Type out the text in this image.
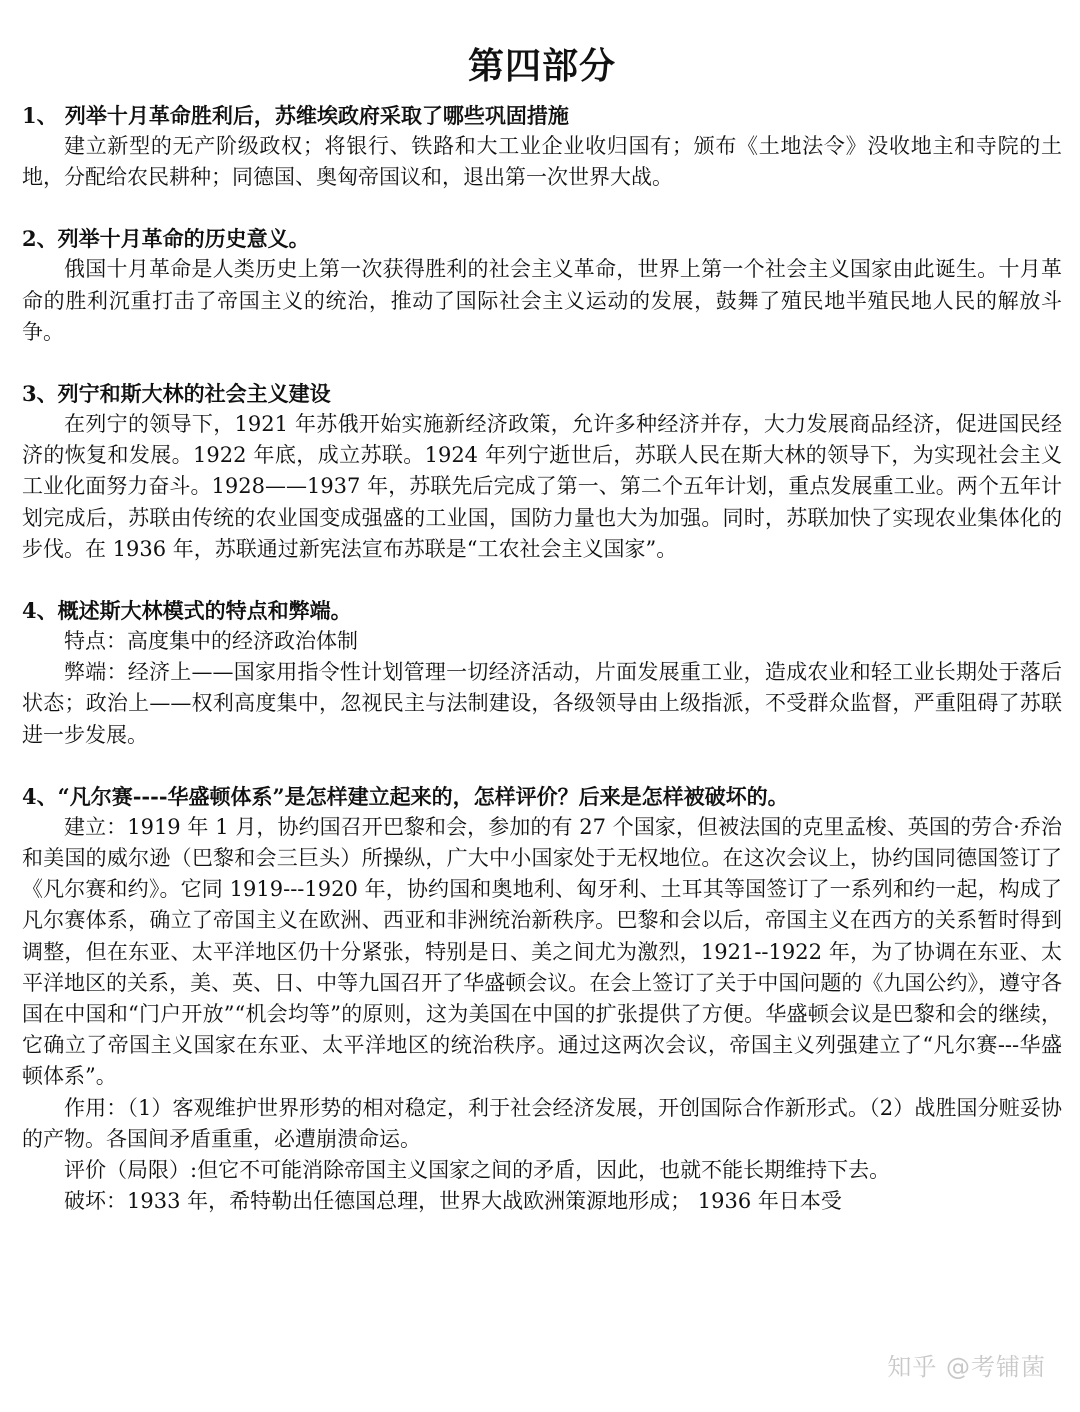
第四部分

1、 列举十月革命胜利后，苏维埃政府采取了哪些巩固措施

建立新型的无产阶级政权；将银行、铁路和大工业企业收归国有；颁布《土地法令》没收地主和寺院的土地，分配给农民耕种；同德国、奥匈帝国议和，退出第一次世界大战。

2、列举十月革命的历史意义。

俄国十月革命是人类历史上第一次获得胜利的社会主义革命，世界上第一个社会主义国家由此诞生。十月革命的胜利沉重打击了帝国主义的统治，推动了国际社会主义运动的发展，鼓舞了殖民地半殖民地人民的解放斗争。

3、列宁和斯大林的社会主义建设

在列宁的领导下，1921 年苏俄开始实施新经济政策，允许多种经济并存，大力发展商品经济，促进国民经济的恢复和发展。1922 年底，成立苏联。1924 年列宁逝世后，苏联人民在斯大林的领导下，为实现社会主义工业化面努力奋斗。1928——1937 年，苏联先后完成了第一、第二个五年计划，重点发展重工业。两个五年计划完成后，苏联由传统的农业国变成强盛的工业国，国防力量也大为加强。同时，苏联加快了实现农业集体化的步伐。在 1936 年，苏联通过新宪法宣布苏联是“工农社会主义国家”。

4、概述斯大林模式的特点和弊端。

特点：高度集中的经济政治体制

弊端：经济上——国家用指令性计划管理一切经济活动，片面发展重工业，造成农业和轻工业长期处于落后状态；政治上——权利高度集中，忽视民主与法制建设，各级领导由上级指派，不受群众监督，严重阻碍了苏联进一步发展。

4、“凡尔赛----华盛顿体系”是怎样建立起来的，怎样评价？后来是怎样被破坏的。

建立：1919 年 1 月，协约国召开巴黎和会，参加的有 27 个国家，但被法国的克里孟梭、英国的劳合·乔治和美国的威尔逊（巴黎和会三巨头）所操纵，广大中小国家处于无权地位。在这次会议上，协约国同德国签订了《凡尔赛和约》。它同 1919---1920 年，协约国和奥地利、匈牙利、土耳其等国签订了一系列和约一起，构成了凡尔赛体系，确立了帝国主义在欧洲、西亚和非洲统治新秩序。巴黎和会以后，帝国主义在西方的关系暂时得到调整，但在东亚、太平洋地区仍十分紧张，特别是日、美之间尤为激烈，1921--1922 年，为了协调在东亚、太平洋地区的关系，美、英、日、中等九国召开了华盛顿会议。在会上签订了关于中国问题的《九国公约》，遵守各国在中国和“门户开放”“机会均等”的原则，这为美国在中国的扩张提供了方便。华盛顿会议是巴黎和会的继续，它确立了帝国主义国家在东亚、太平洋地区的统治秩序。通过这两次会议，帝国主义列强建立了“凡尔赛---华盛顿体系”。

作用：（1）客观维护世界形势的相对稳定，利于社会经济发展，开创国际合作新形式。（2）战胜国分赃妥协的产物。各国间矛盾重重，必遭崩溃命运。

评价（局限）:但它不可能消除帝国主义国家之间的矛盾，因此，也就不能长期维持下去。

破坏：1933 年，希特勒出任德国总理，世界大战欧洲策源地形成； 1936 年日本受

知乎 @考铺菌
